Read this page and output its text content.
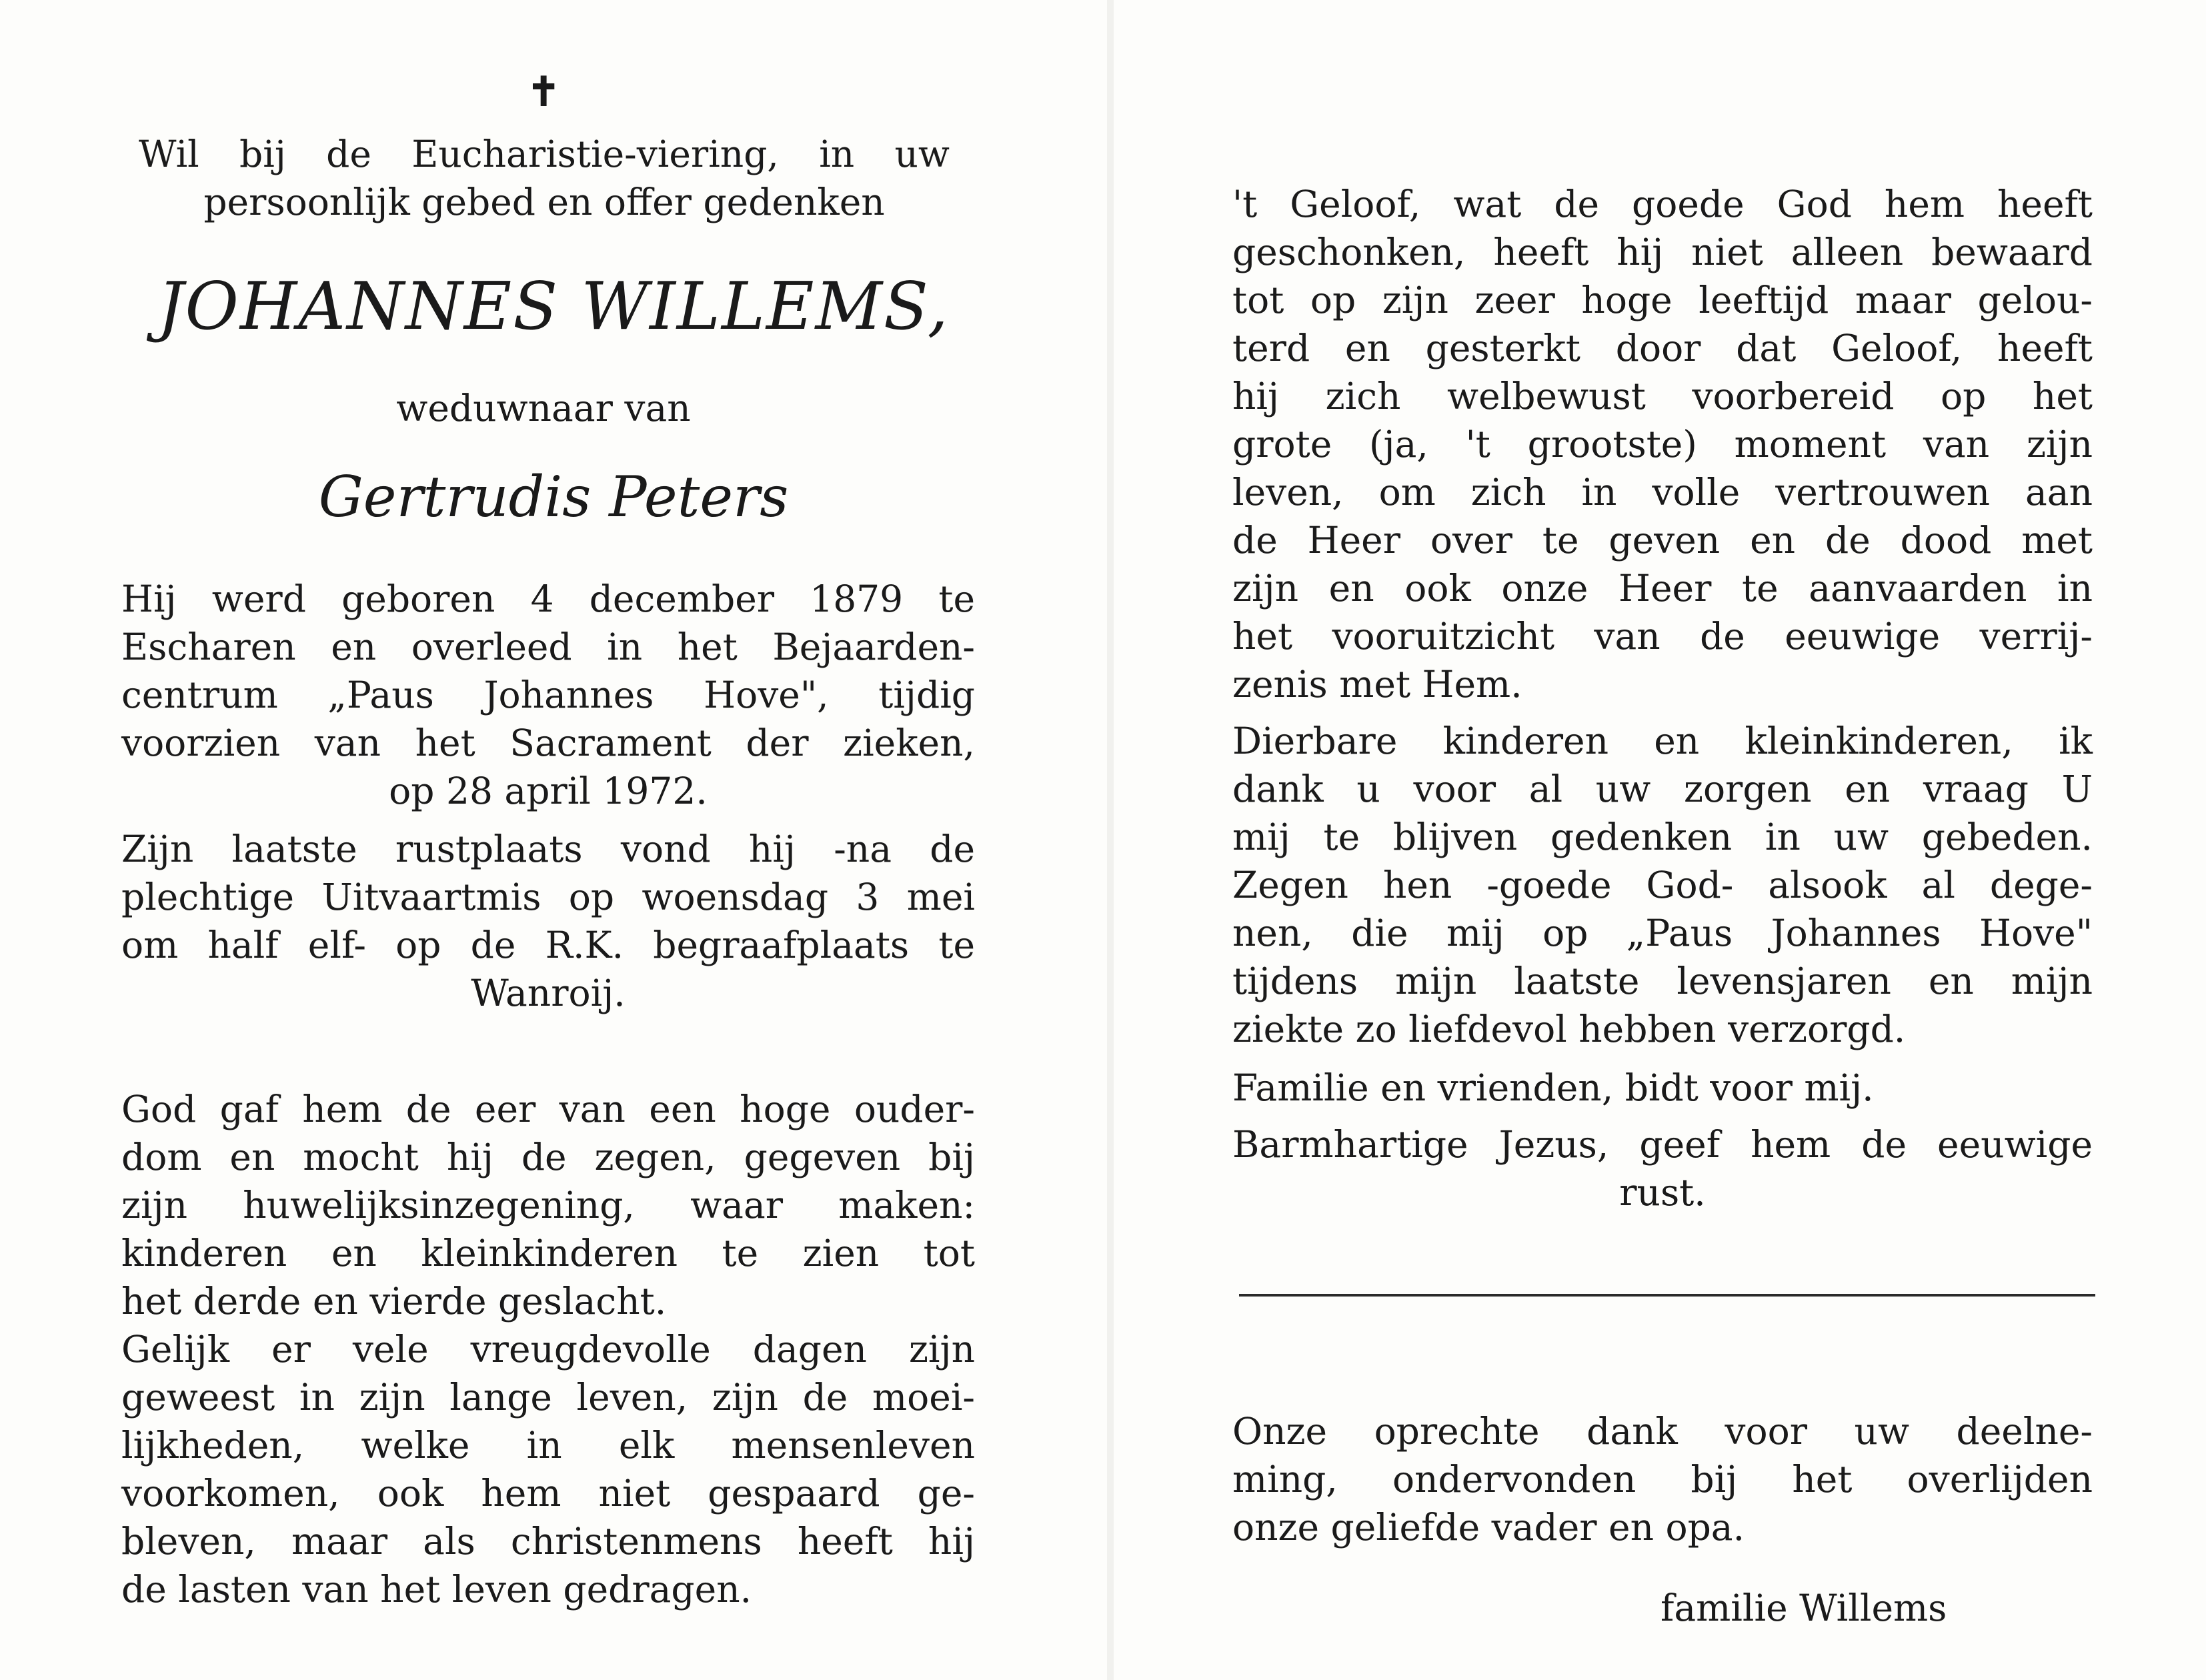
✝
Wil bij de Eucharistie-viering, in uw
persoonlijk gebed en offer gedenken
JOHANNES WILLEMS,
weduwnaar van
Gertrudis Peters
Hij werd geboren 4 december 1879 te
Escharen en overleed in het Bejaarden-
centrum „Paus Johannes Hove", tijdig
voorzien van het Sacrament der zieken,
op 28 april 1972.
Zijn laatste rustplaats vond hij -na de
plechtige Uitvaartmis op woensdag 3 mei
om half elf- op de R.K. begraafplaats te
Wanroij.
God gaf hem de eer van een hoge ouder-
dom en mocht hij de zegen, gegeven bij
zijn huwelijksinzegening, waar maken:
kinderen en kleinkinderen te zien tot
het derde en vierde geslacht.
Gelijk er vele vreugdevolle dagen zijn
geweest in zijn lange leven, zijn de moei-
lijkheden, welke in elk mensenleven
voorkomen, ook hem niet gespaard ge-
bleven, maar als christenmens heeft hij
de lasten van het leven gedragen.
't Geloof, wat de goede God hem heeft
geschonken, heeft hij niet alleen bewaard
tot op zijn zeer hoge leeftijd maar gelou-
terd en gesterkt door dat Geloof, heeft
hij zich welbewust voorbereid op het
grote (ja, 't grootste) moment van zijn
leven, om zich in volle vertrouwen aan
de Heer over te geven en de dood met
zijn en ook onze Heer te aanvaarden in
het vooruitzicht van de eeuwige verrij-
zenis met Hem.
Dierbare kinderen en kleinkinderen, ik
dank u voor al uw zorgen en vraag U
mij te blijven gedenken in uw gebeden.
Zegen hen -goede God- alsook al dege-
nen, die mij op „Paus Johannes Hove"
tijdens mijn laatste levensjaren en mijn
ziekte zo liefdevol hebben verzorgd.
Familie en vrienden, bidt voor mij.
Barmhartige Jezus, geef hem de eeuwige
rust.
Onze oprechte dank voor uw deelne-
ming, ondervonden bij het overlijden
onze geliefde vader en opa.
familie Willems
